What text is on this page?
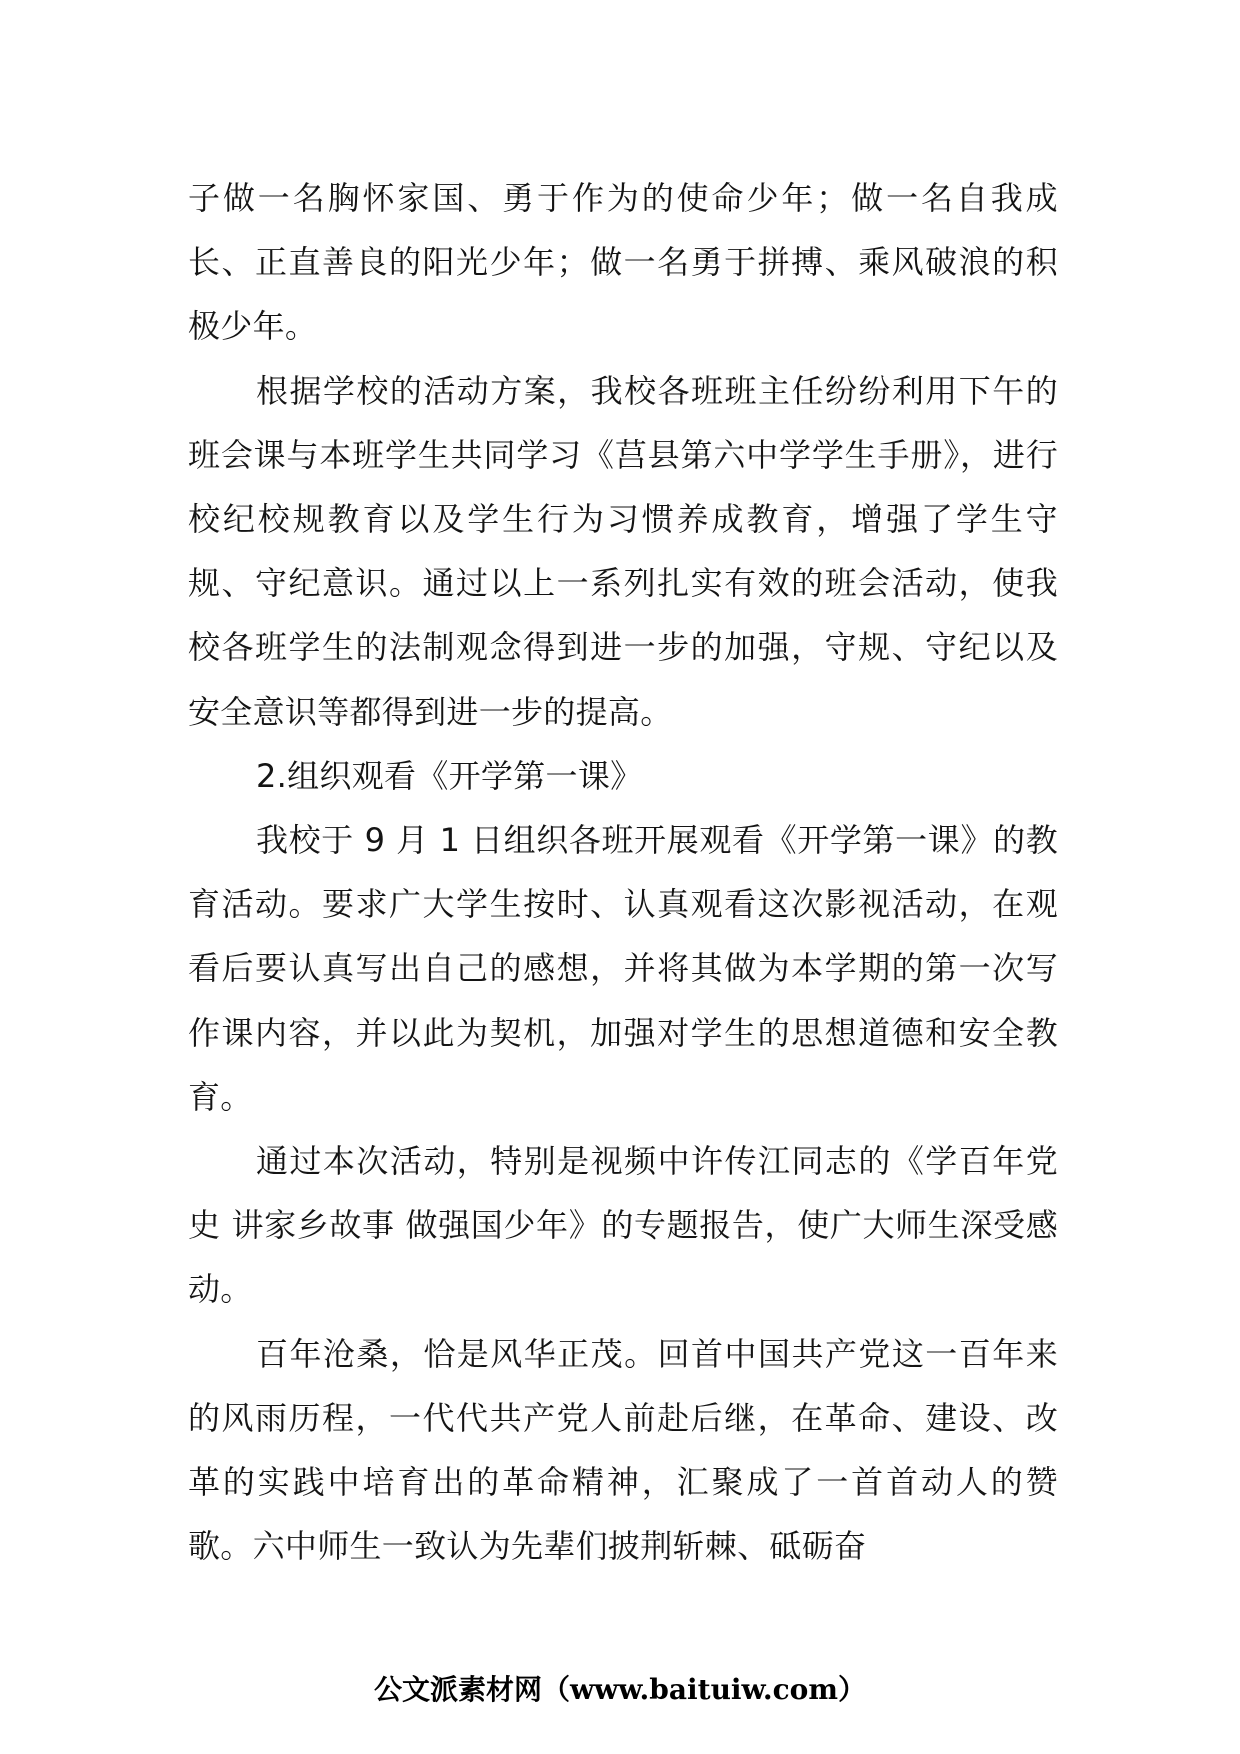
子做一名胸怀家国、勇于作为的使命少年；做一名自我成长、正直善良的阳光少年；做一名勇于拼搏、乘风破浪的积极少年。

根据学校的活动方案，我校各班班主任纷纷利用下午的班会课与本班学生共同学习《莒县第六中学学生手册》，进行校纪校规教育以及学生行为习惯养成教育，增强了学生守规、守纪意识。通过以上一系列扎实有效的班会活动，使我校各班学生的法制观念得到进一步的加强，守规、守纪以及安全意识等都得到进一步的提高。

2.组织观看《开学第一课》

我校于 9 月 1 日组织各班开展观看《开学第一课》的教育活动。要求广大学生按时、认真观看这次影视活动，在观看后要认真写出自己的感想，并将其做为本学期的第一次写作课内容，并以此为契机，加强对学生的思想道德和安全教育。

通过本次活动，特别是视频中许传江同志的《学百年党史 讲家乡故事 做强国少年》的专题报告，使广大师生深受感动。

百年沧桑，恰是风华正茂。回首中国共产党这一百年来的风雨历程，一代代共产党人前赴后继，在革命、建设、改革的实践中培育出的革命精神，汇聚成了一首首动人的赞歌。六中师生一致认为先辈们披荆斩棘、砥砺奋

公文派素材网（www.baituiw.com）
